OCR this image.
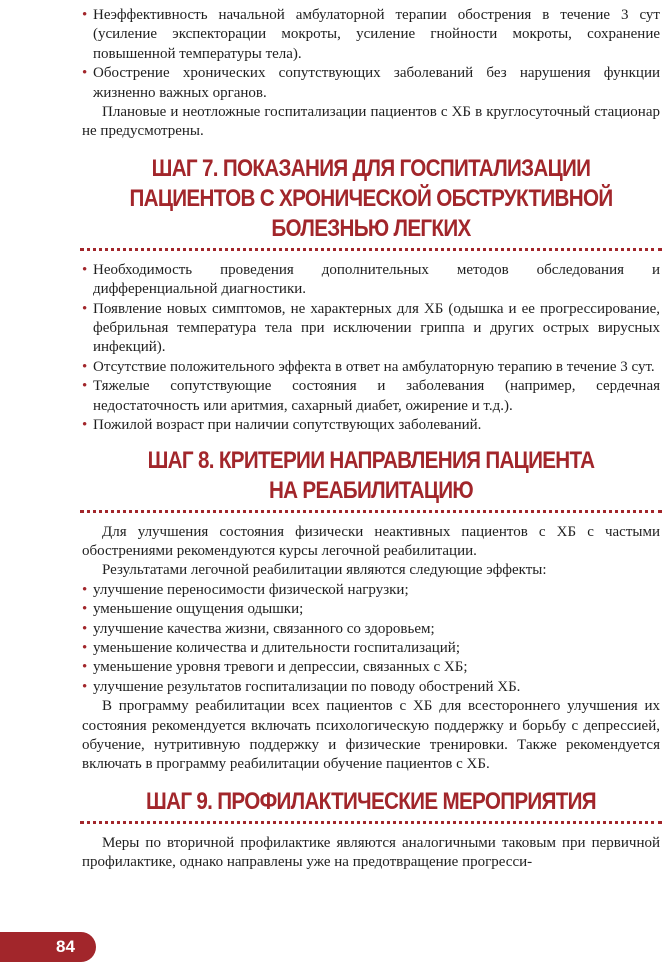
• Неэффективность начальной амбулаторной терапии обострения в течение 3 сут (усиление экспекторации мокроты, усиление гнойности мокроты, сохранение повышенной температуры тела).
• Обострение хронических сопутствующих заболеваний без нарушения функции жизненно важных органов.

Плановые и неотложные госпитализации пациентов с ХБ в круглосуточный стационар не предусмотрены.

ШАГ 7. ПОКАЗАНИЯ ДЛЯ ГОСПИТАЛИЗАЦИИ
ПАЦИЕНТОВ С ХРОНИЧЕСКОЙ ОБСТРУКТИВНОЙ
БОЛЕЗНЬЮ ЛЕГКИХ
• Необходимость проведения дополнительных методов обследования и дифференциальной диагностики.
• Появление новых симптомов, не характерных для ХБ (одышка и ее прогрессирование, фебрильная температура тела при исключении гриппа и других острых вирусных инфекций).
• Отсутствие положительного эффекта в ответ на амбулаторную терапию в течение 3 сут.
• Тяжелые сопутствующие состояния и заболевания (например, сердечная недостаточность или аритмия, сахарный диабет, ожирение и т.д.).
• Пожилой возраст при наличии сопутствующих заболеваний.
ШАГ 8. КРИТЕРИИ НАПРАВЛЕНИЯ ПАЦИЕНТА
НА РЕАБИЛИТАЦИЮ

Для улучшения состояния физически неактивных пациентов с ХБ с частыми обострениями рекомендуются курсы легочной реабилитации.

Результатами легочной реабилитации являются следующие эффекты:

• улучшение переносимости физической нагрузки;
• уменьшение ощущения одышки;
• улучшение качества жизни, связанного со здоровьем;
• уменьшение количества и длительности госпитализаций;
• уменьшение уровня тревоги и депрессии, связанных с ХБ;
• улучшение результатов госпитализации по поводу обострений ХБ.

В программу реабилитации всех пациентов с ХБ для всестороннего улучшения их состояния рекомендуется включать психологическую поддержку и борьбу с депрессией, обучение, нутритивную поддержку и физические тренировки. Также рекомендуется включать в программу реабилитации обучение пациентов с ХБ.

ШАГ 9. ПРОФИЛАКТИЧЕСКИЕ МЕРОПРИЯТИЯ

Меры по вторичной профилактике являются аналогичными таковым при первичной профилактике, однако направлены уже на предотвращение прогресси-

84
